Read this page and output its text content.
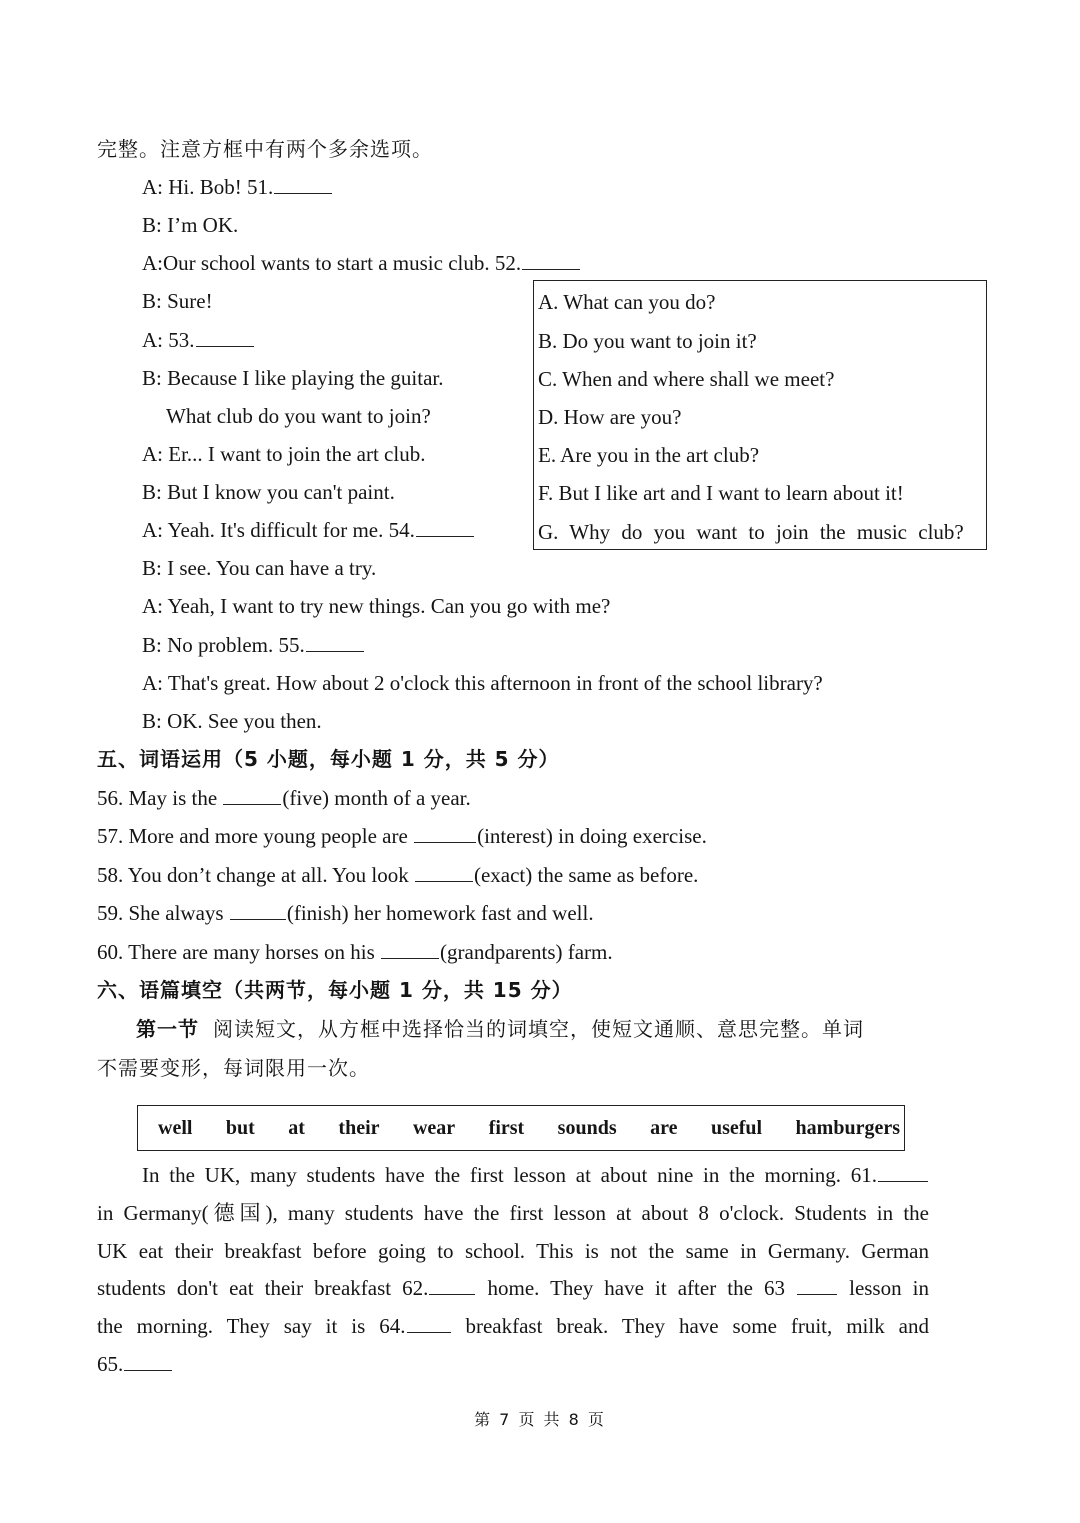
完整。注意方框中有两个多余选项。
A: Hi. Bob! 51.
B: I’m OK.
A:Our school wants to start a music club. 52.
B: Sure!
A: 53.
B: Because I like playing the guitar.
What club do you want to join?
A: Er... I want to join the art club.
B: But I know you can't paint.
A: Yeah. It's difficult for me. 54.
B: I see. You can have a try.
A: Yeah, I want to try new things. Can you go with me?
B: No problem. 55.
A: That's great. How about 2 o'clock this afternoon in front of the school library?
B: OK. See you then.
A. What can you do?
B. Do you want to join it?
C. When and where shall we meet?
D. How are you?
E. Are you in the art club?
F. But I like art and I want to learn about it!
G. Why do you want to join the music club?
五、词语运用（5 小题，每小题 1 分，共 5 分）
56. May is the	(five) month of a year.
57. More and more young people are	(interest) in doing exercise.
58. You don’t change at all. You look	(exact) the same as before.
59. She always	(finish) her homework fast and well.
60. There are many horses on his	(grandparents) farm.
六、语篇填空（共两节，每小题 1 分，共 15 分）
第一节 阅读短文，从方框中选择恰当的词填空，使短文通顺、意思完整。单词
不需要变形，每词限用一次。
well but at their wear first sounds are useful hamburgers
In the UK, many students have the first lesson at about nine in the morning. 61.
in Germany(德国), many students have the first lesson at about 8 o'clock. Students in the
UK eat their breakfast before going to school. This is not the same in Germany. German
students don't eat their breakfast 62. home. They have it after the 63  lesson in
the morning. They say it is 64. breakfast break. They have some fruit, milk and
65.
第 7 页 共 8 页
